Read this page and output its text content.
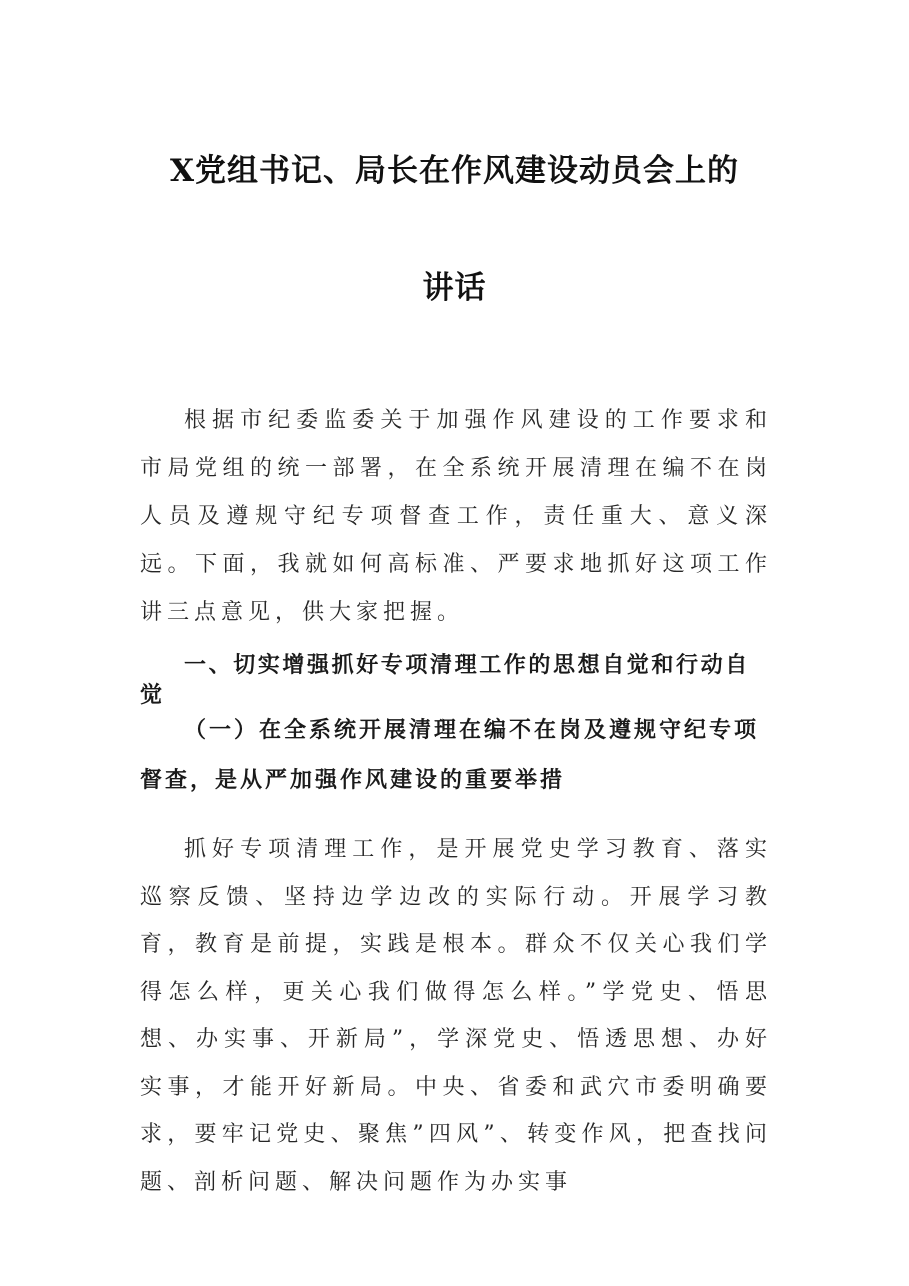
X党组书记、局长在作风建设动员会上的
讲话

根据市纪委监委关于加强作风建设的工作要求和市局党组的统一部署，在全系统开展清理在编不在岗人员及遵规守纪专项督查工作，责任重大、意义深远。下面，我就如何高标准、严要求地抓好这项工作讲三点意见，供大家把握。

一、切实增强抓好专项清理工作的思想自觉和行动自觉

（一）在全系统开展清理在编不在岗及遵规守纪专项督查，是从严加强作风建设的重要举措

抓好专项清理工作，是开展党史学习教育、落实巡察反馈、坚持边学边改的实际行动。开展学习教育，教育是前提，实践是根本。群众不仅关心我们学得怎么样，更关心我们做得怎么样。”学党史、悟思想、办实事、开新局”，学深党史、悟透思想、办好实事，才能开好新局。中央、省委和武穴市委明确要求，要牢记党史、聚焦”四风”、转变作风，把查找问题、剖析问题、解决问题作为办实事
